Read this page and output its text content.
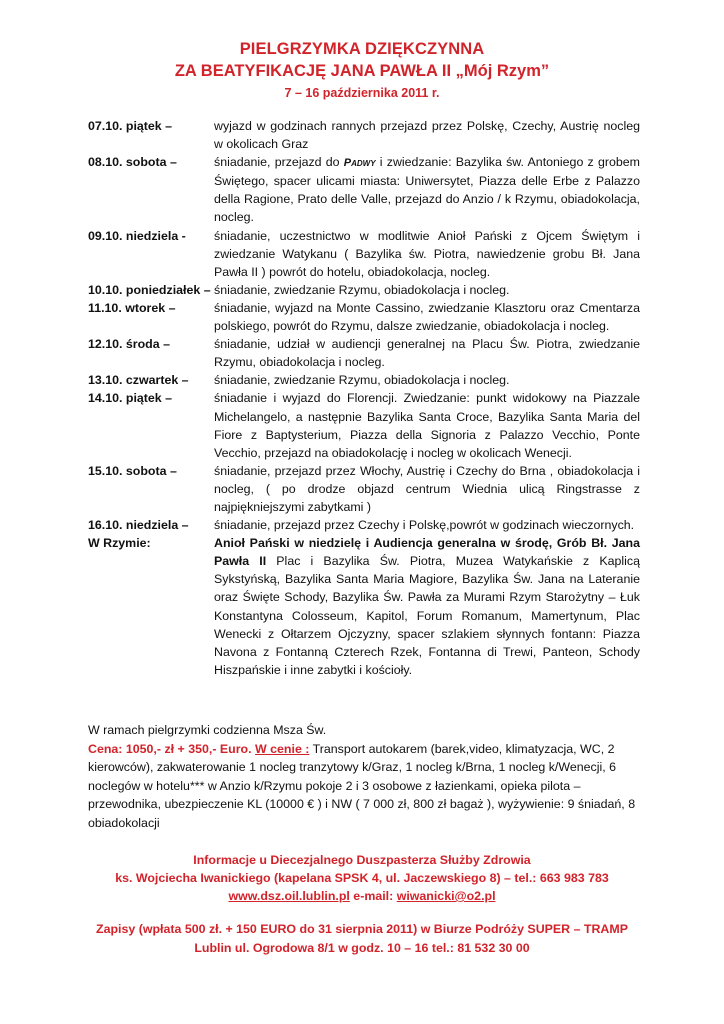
PIELGRZYMKA DZIĘKCZYNNA
ZA BEATYFIKACJĘ JANA PAWŁA II „Mój Rzym”
7 – 16 października 2011 r.
07.10. piątek –	wyjazd w godzinach rannych przejazd przez Polskę, Czechy, Austrię nocleg w okolicach Graz
08.10. sobota –	śniadanie, przejazd do Padwy i zwiedzanie: Bazylika św. Antoniego z grobem Świętego, spacer ulicami miasta: Uniwersytet, Piazza delle Erbe z Palazzo della Ragione, Prato delle Valle, przejazd do Anzio / k Rzymu, obiadokolacja, nocleg.
09.10. niedziela -	śniadanie, uczestnictwo w modlitwie Anioł Pański z Ojcem Świętym i zwiedzanie Watykanu ( Bazylika św. Piotra, nawiedzenie grobu Bł. Jana Pawła II ) powrót do hotelu, obiadokolacja, nocleg.
10.10. poniedziałek – śniadanie, zwiedzanie Rzymu, obiadokolacja i nocleg.
11.10. wtorek –	śniadanie, wyjazd na Monte Cassino, zwiedzanie Klasztoru oraz Cmentarza polskiego, powrót do Rzymu, dalsze zwiedzanie, obiadokolacja i nocleg.
12.10. środa –	śniadanie, udział w audiencji generalnej na Placu Św. Piotra, zwiedzanie Rzymu, obiadokolacja i nocleg.
13.10. czwartek –	śniadanie, zwiedzanie Rzymu, obiadokolacja i nocleg.
14.10. piątek –	śniadanie i wyjazd do Florencji. Zwiedzanie: punkt widokowy na Piazzale Michelangelo, a następnie Bazylika Santa Croce, Bazylika Santa Maria del Fiore z Baptysterium, Piazza della Signoria z Palazzo Vecchio, Ponte Vecchio, przejazd na obiadokolację i nocleg w okolicach Wenecji.
15.10. sobota –	śniadanie, przejazd przez Włochy, Austrię i Czechy do Brna , obiadokolacja i nocleg, ( po drodze objazd centrum Wiednia ulicą Ringstrasse z najpiękniejszymi zabytkami )
16.10. niedziela –	śniadanie, przejazd przez Czechy i Polskę,powrót w godzinach wieczornych.
W Rzymie:	Anioł Pański w niedzielę i Audiencja generalna w środę, Grób Bł. Jana Pawła II Plac i Bazylika Św. Piotra, Muzea Watykańskie z Kaplicą Sykstyńską, Bazylika Santa Maria Magiore, Bazylika Św. Jana na Lateranie oraz Święte Schody, Bazylika Św. Pawła za Murami Rzym Starożytny – Łuk Konstantyna Colosseum, Kapitol, Forum Romanum, Mamertynum, Plac Wenecki z Ołtarzem Ojczyzny, spacer szlakiem słynnych fontann: Piazza Navona z Fontanną Czterech Rzek, Fontanna di Trewi, Panteon, Schody Hiszpańskie i inne zabytki i kościoły.
W ramach pielgrzymki codzienna Msza Św.
Cena: 1050,- zł + 350,- Euro. W cenie : Transport autokarem (barek,video, klimatyzacja, WC, 2 kierowców), zakwaterowanie 1 nocleg tranzytowy k/Graz, 1 nocleg k/Brna, 1 nocleg k/Wenecji, 6 noclegów w hotelu*** w Anzio k/Rzymu pokoje 2 i 3 osobowe z łazienkami, opieka pilota – przewodnika, ubezpieczenie KL (10000 € ) i NW ( 7 000 zł, 800 zł bagaż ), wyżywienie: 9 śniadań, 8 obiadokolacji
Informacje u Diecezjalnego Duszpasterza Służby Zdrowia
ks. Wojciecha Iwanickiego (kapelana SPSK 4, ul. Jaczewskiego 8) – tel.: 663 983 783
www.dsz.oil.lublin.pl e-mail: wiwanicki@o2.pl
Zapisy (wpłata 500 zł. + 150 EURO do 31 sierpnia 2011) w Biurze Podróży SUPER – TRAMP
Lublin ul. Ogrodowa 8/1 w godz. 10 – 16 tel.: 81 532 30 00
